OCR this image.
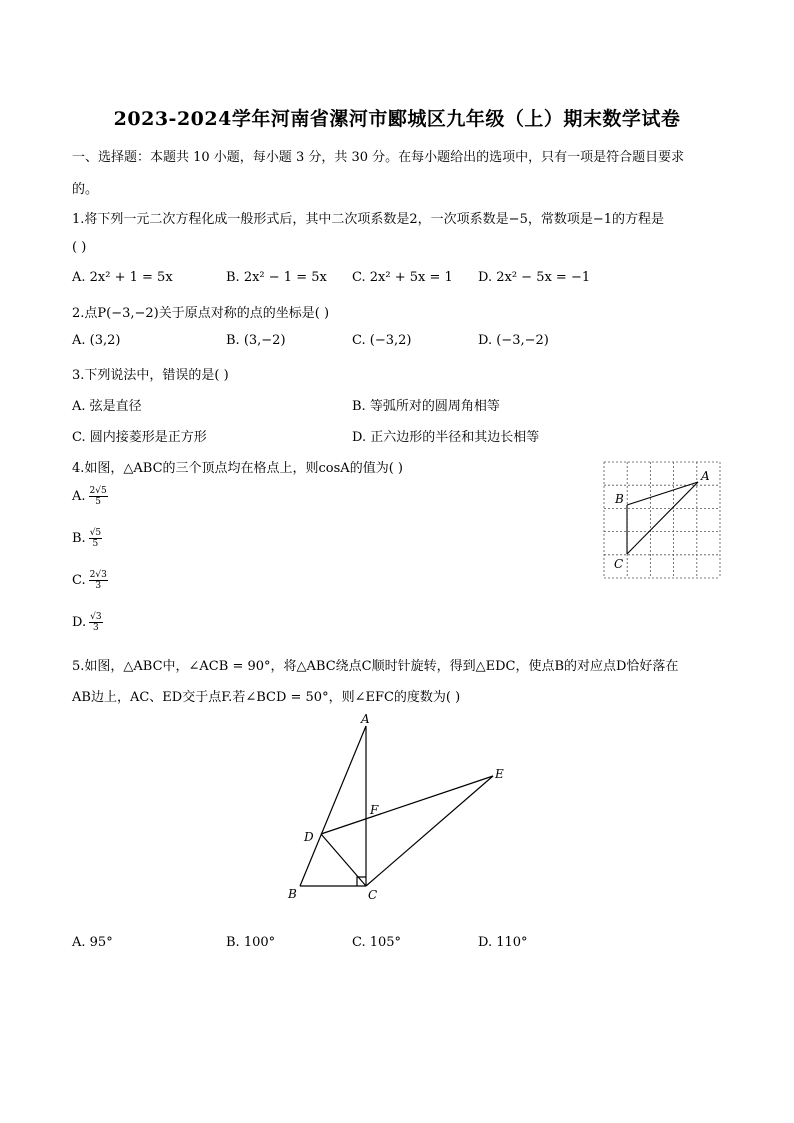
2023-2024学年河南省漯河市郾城区九年级（上）期末数学试卷
一、选择题：本题共 10 小题，每小题 3 分，共 30 分。在每小题给出的选项中，只有一项是符合题目要求
的。
1.将下列一元二次方程化成一般形式后，其中二次项系数是2，一次项系数是−5，常数项是−1的方程是
( )
A. 2x² + 1 = 5x	B. 2x² − 1 = 5x C. 2x² + 5x = 1 D. 2x² − 5x = −1
2.点P(−3,−2)关于原点对称的点的坐标是( )
A. (3,2)	B. (3,−2)	C. (−3,2)	D. (−3,−2)
3.下列说法中，错误的是( )
A. 弦是直径	B. 等弧所对的圆周角相等
C. 圆内接菱形是正方形	D. 正六边形的半径和其边长相等
4.如图，△ABC的三个顶点均在格点上，则cosA的值为( )
A. $\frac{2√5}{5}$
B. $\frac{√5}{5}$
C. $\frac{2√3}{3}$
D. $\frac{√3}{3}$
A
B
C
5.如图，△ABC中，∠ACB = 90°，将△ABC绕点C顺时针旋转，得到△EDC，使点B的对应点D恰好落在
AB边上，AC、ED交于点F.若∠BCD = 50°，则∠EFC的度数为( )
A
B	C
D
E
F
A. 95°	B. 100°	C. 105°	D. 110°
